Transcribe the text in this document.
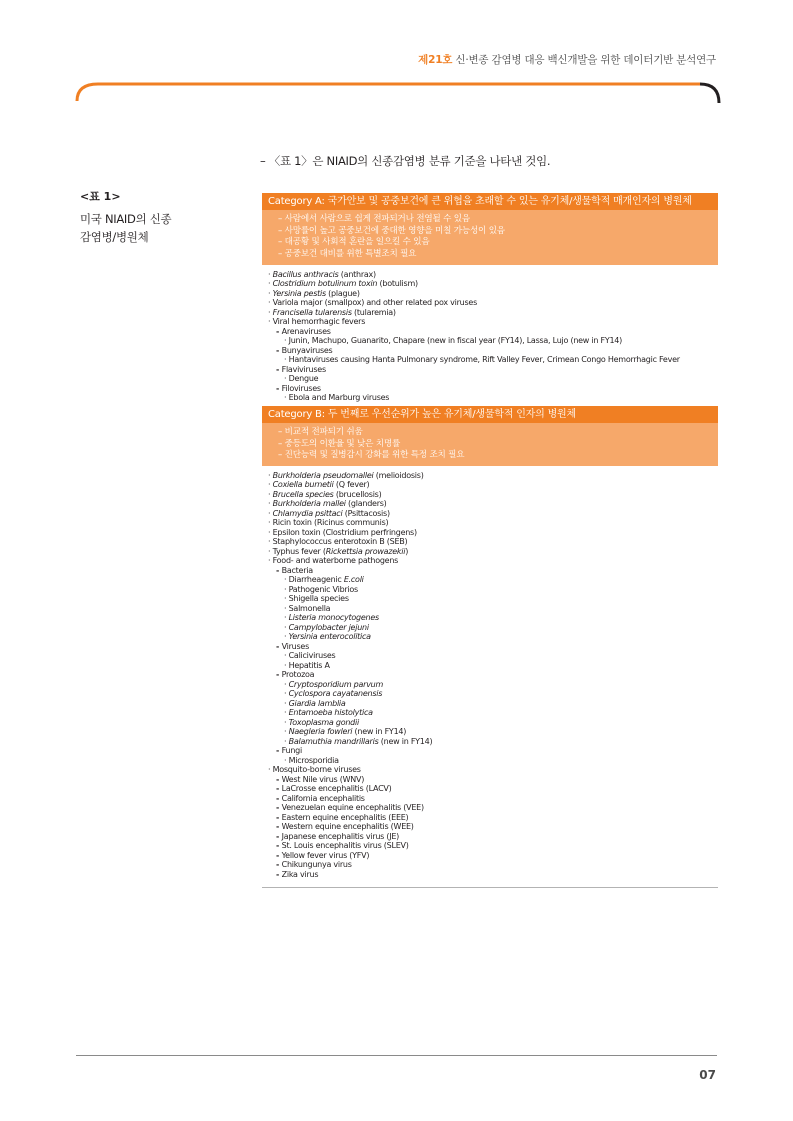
제21호 신·변종 감염병 대응 백신개발을 위한 데이터기반 분석연구
– 〈표 1〉은 NIAID의 신종감염병 분류 기준을 나타낸 것임.
<표 1>
미국 NIAID의 신종
감염병/병원체
Category A: 국가안보 및 공중보건에 큰 위협을 초래할 수 있는 유기체/생물학적 매개인자의 병원체
– 사람에서 사람으로 쉽게 전파되거나 전염될 수 있음
– 사망률이 높고 공중보건에 중대한 영향을 미칠 가능성이 있음
– 대공황 및 사회적 혼란을 일으킬 수 있음
– 공중보건 대비를 위한 특별조치 필요
· Bacillus anthracis (anthrax)
· Clostridium botulinum toxin (botulism)
· Yersinia pestis (plague)
· Variola major (smallpox) and other related pox viruses
· Francisella tularensis (tularemia)
· Viral hemorrhagic fevers
- Arenaviruses
· Junin, Machupo, Guanarito, Chapare (new in fiscal year (FY14), Lassa, Lujo (new in FY14)
- Bunyaviruses
· Hantaviruses causing Hanta Pulmonary syndrome, Rift Valley Fever, Crimean Congo Hemorrhagic Fever
- Flaviviruses
· Dengue
- Filoviruses
· Ebola and Marburg viruses
Category B: 두 번째로 우선순위가 높은 유기체/생물학적 인자의 병원체
– 비교적 전파되기 쉬움
– 중등도의 이환율 및 낮은 치명률
– 진단능력 및 질병감시 강화를 위한 특정 조치 필요
· Burkholderia pseudomallei (melioidosis)
· Coxiella burnetii (Q fever)
· Brucella species (brucellosis)
· Burkholderia mallei (glanders)
· Chlamydia psittaci (Psittacosis)
· Ricin toxin (Ricinus communis)
· Epsilon toxin (Clostridium perfringens)
· Staphylococcus enterotoxin B (SEB)
· Typhus fever (Rickettsia prowazekii)
· Food- and waterborne pathogens
- Bacteria
· Diarrheagenic E.coli
· Pathogenic Vibrios
· Shigella species
· Salmonella
· Listeria monocytogenes
· Campylobacter jejuni
· Yersinia enterocolitica
- Viruses
· Caliciviruses
· Hepatitis A
- Protozoa
· Cryptosporidium parvum
· Cyclospora cayatanensis
· Giardia lamblia
· Entamoeba histolytica
· Toxoplasma gondii
· Naegleria fowleri (new in FY14)
· Balamuthia mandrillaris (new in FY14)
- Fungi
· Microsporidia
· Mosquito-borne viruses
- West Nile virus (WNV)
- LaCrosse encephalitis (LACV)
- California encephalitis
- Venezuelan equine encephalitis (VEE)
- Eastern equine encephalitis (EEE)
- Western equine encephalitis (WEE)
- Japanese encephalitis virus (JE)
- St. Louis encephalitis virus (SLEV)
- Yellow fever virus (YFV)
- Chikungunya virus
- Zika virus
07
